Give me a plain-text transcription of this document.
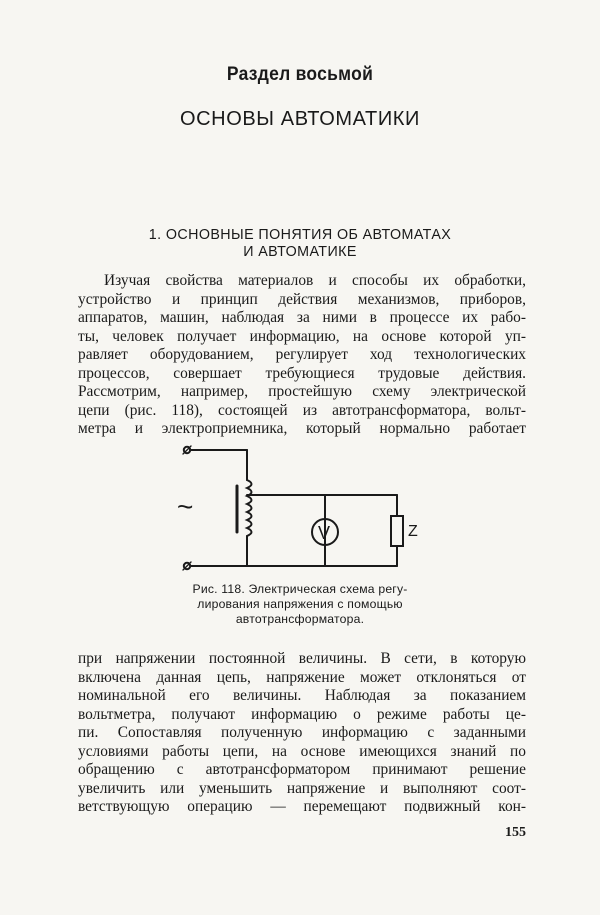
Раздел восьмой
ОСНОВЫ АВТОМАТИКИ
1. ОСНОВНЫЕ ПОНЯТИЯ ОБ АВТОМАТАХ
И АВТОМАТИКЕ
Изучая свойства материалов и способы их обработки,
устройство и принцип действия механизмов, приборов,
аппаратов, машин, наблюдая за ними в процессе их рабо-
ты, человек получает информацию, на основе которой уп-
равляет оборудованием, регулирует ход технологических
процессов, совершает требующиеся трудовые действия.
Рассмотрим, например, простейшую схему электрической
цепи (рис. 118), состоящей из автотрансформатора, вольт-
метра и электроприемника, который нормально работает
~
V	Z
Рис. 118. Электрическая схема регу-
лирования напряжения с помощью
автотрансформатора.
при напряжении постоянной величины. В сети, в которую
включена данная цепь, напряжение может отклоняться от
номинальной его величины. Наблюдая за показанием
вольтметра, получают информацию о режиме работы це-
пи. Сопоставляя полученную информацию с заданными
условиями работы цепи, на основе имеющихся знаний по
обращению с автотрансформатором принимают решение
увеличить или уменьшить напряжение и выполняют соот-
ветствующую операцию — перемещают подвижный кон-
155
